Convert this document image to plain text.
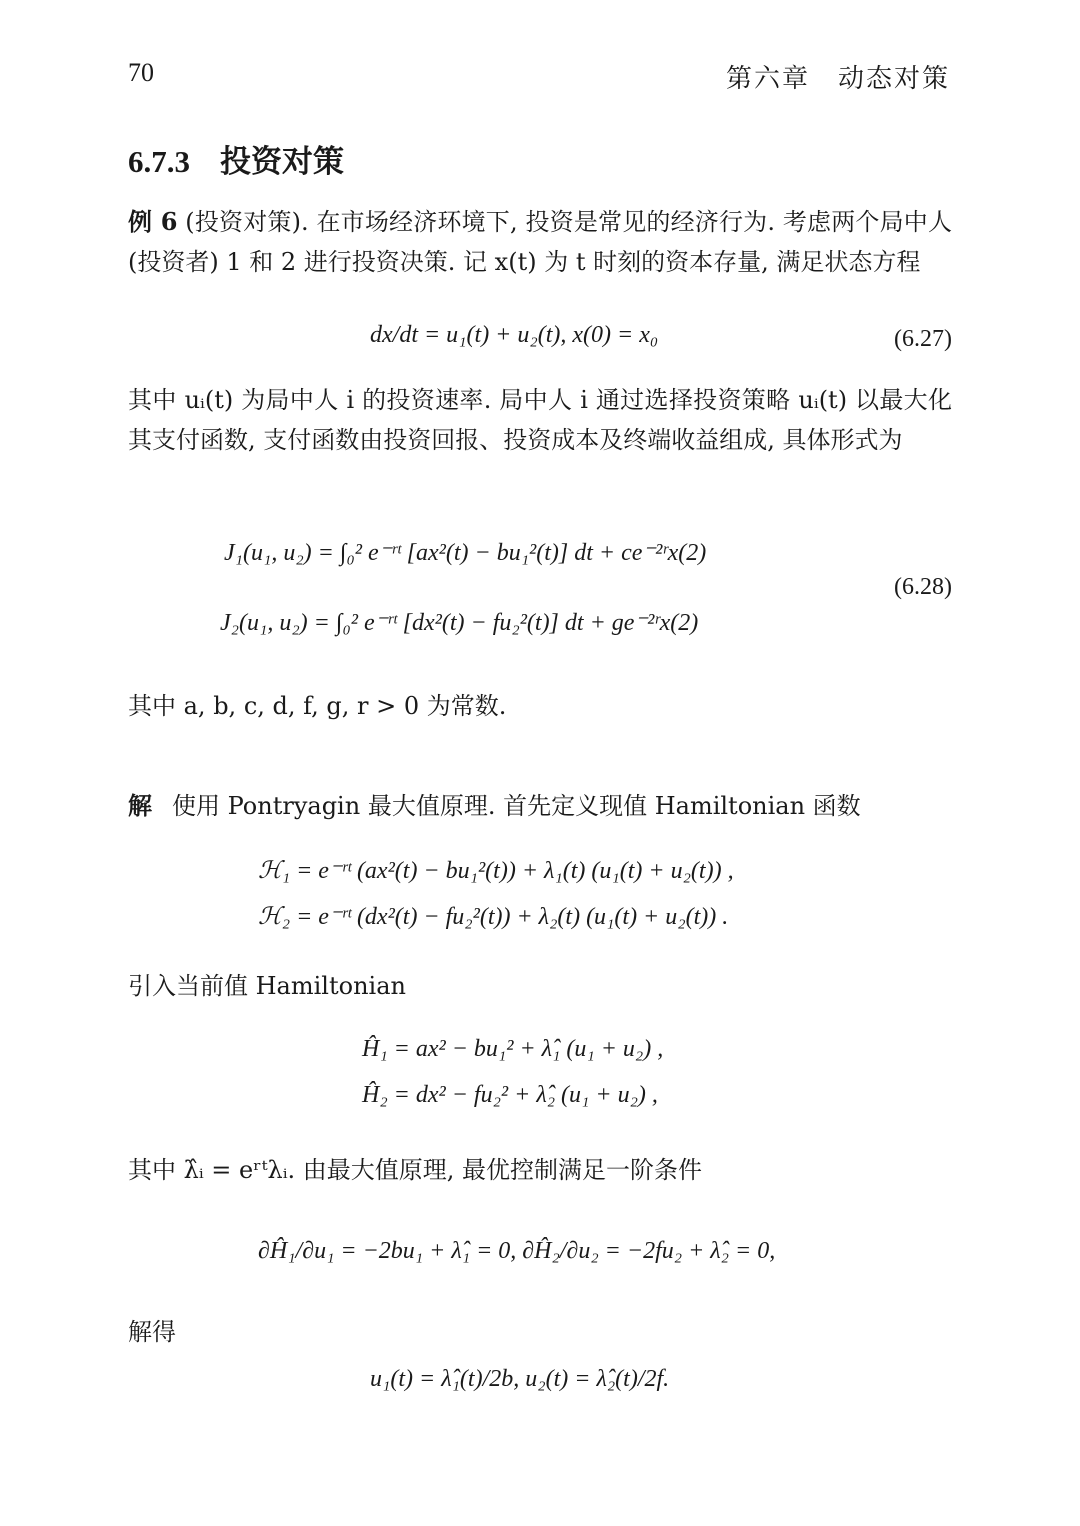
70	第六章　动态对策
6.7.3 投资对策
例 6 (投资对策). 在市场经济环境下, 投资是常见的经济行为. 考虑两个局中人 (投资者) 1 和 2 进行投资决策. 记 x(t) 为 t 时刻的资本存量, 满足状态方程
dx/dt = u₁(t) + u₂(t), x(0) = x₀	(6.27)
其中 uᵢ(t) 为局中人 i 的投资速率. 局中人 i 通过选择投资策略 uᵢ(t) 以最大化其支付函数, 支付函数由投资回报、投资成本及终端收益组成, 具体形式为
J₁(u₁, u₂) = ∫₀² e⁻ʳᵗ [ax²(t) − bu₁²(t)] dt + ce⁻²ʳx(2)
J₂(u₁, u₂) = ∫₀² e⁻ʳᵗ [dx²(t) − fu₂²(t)] dt + ge⁻²ʳx(2)
(6.28)
其中 a, b, c, d, f, g, r > 0 为常数.
解 使用 Pontryagin 最大值原理. 首先定义现值 Hamiltonian 函数
ℋ₁ = e⁻ʳᵗ (ax²(t) − bu₁²(t)) + λ₁(t) (u₁(t) + u₂(t)) ,
ℋ₂ = e⁻ʳᵗ (dx²(t) − fu₂²(t)) + λ₂(t) (u₁(t) + u₂(t)) .
引入当前值 Hamiltonian
Ĥ₁ = ax² − bu₁² + λ̂₁ (u₁ + u₂) ,
Ĥ₂ = dx² − fu₂² + λ̂₂ (u₁ + u₂) ,
其中 λ̂ᵢ = eʳᵗλᵢ. 由最大值原理, 最优控制满足一阶条件
∂Ĥ₁/∂u₁ = −2bu₁ + λ̂₁ = 0, ∂Ĥ₂/∂u₂ = −2fu₂ + λ̂₂ = 0,
解得
u₁(t) = λ̂₁(t)/2b, u₂(t) = λ̂₂(t)/2f.
